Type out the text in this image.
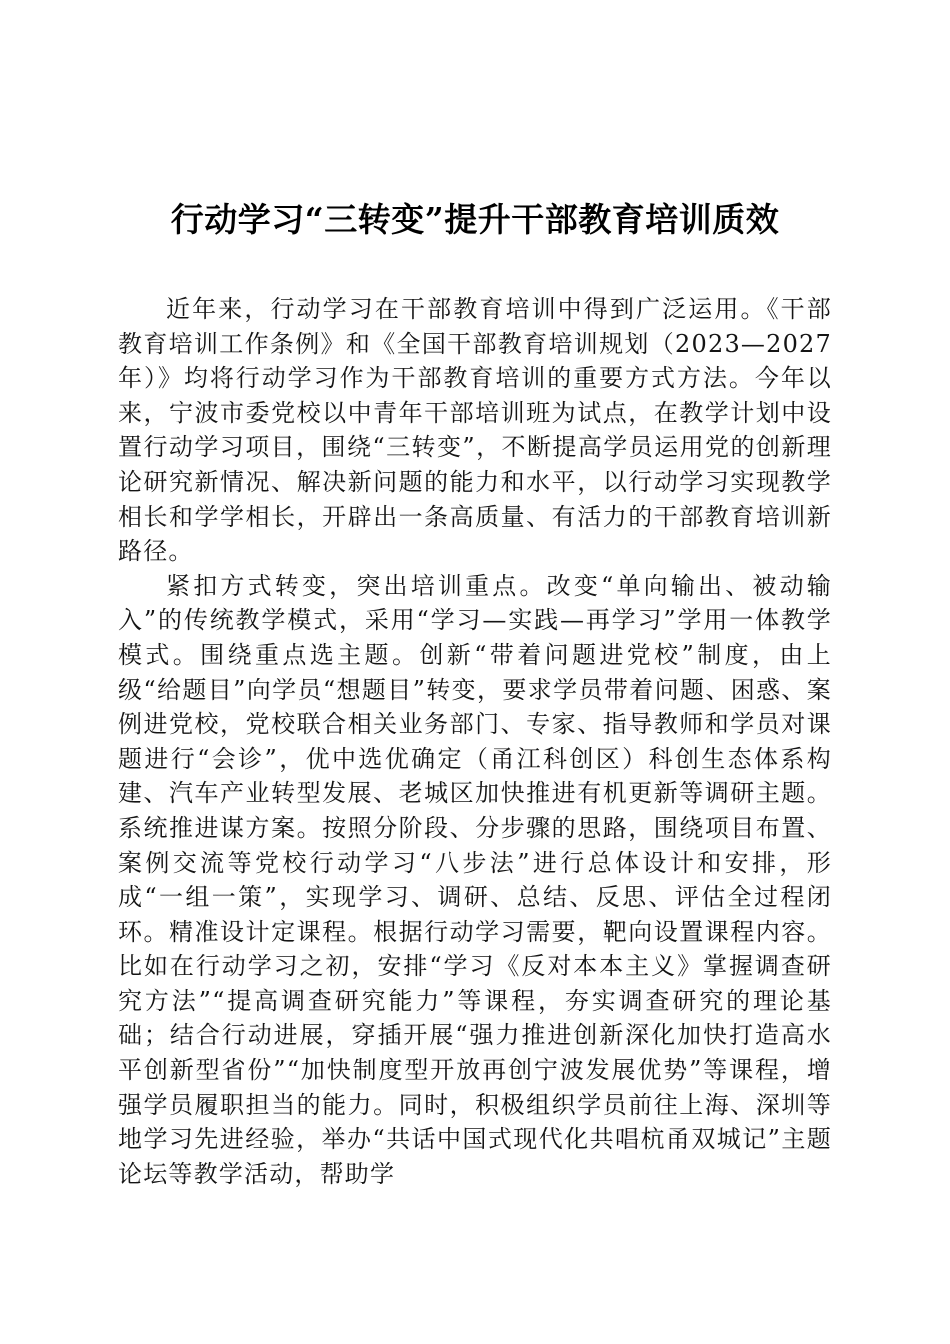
行动学习“三转变”提升干部教育培训质效

近年来，行动学习在干部教育培训中得到广泛运用。《干部教育培训工作条例》和《全国干部教育培训规划（2023—2027年）》均将行动学习作为干部教育培训的重要方式方法。今年以来，宁波市委党校以中青年干部培训班为试点，在教学计划中设置行动学习项目，围绕“三转变”，不断提高学员运用党的创新理论研究新情况、解决新问题的能力和水平，以行动学习实现教学相长和学学相长，开辟出一条高质量、有活力的干部教育培训新路径。

紧扣方式转变，突出培训重点。改变“单向输出、被动输入”的传统教学模式，采用“学习—实践—再学习”学用一体教学模式。围绕重点选主题。创新“带着问题进党校”制度，由上级“给题目”向学员“想题目”转变，要求学员带着问题、困惑、案例进党校，党校联合相关业务部门、专家、指导教师和学员对课题进行“会诊”，优中选优确定（甬江科创区）科创生态体系构建、汽车产业转型发展、老城区加快推进有机更新等调研主题。系统推进谋方案。按照分阶段、分步骤的思路，围绕项目布置、案例交流等党校行动学习“八步法”进行总体设计和安排，形成“一组一策”，实现学习、调研、总结、反思、评估全过程闭环。精准设计定课程。根据行动学习需要，靶向设置课程内容。比如在行动学习之初，安排“学习《反对本本主义》掌握调查研究方法”“提高调查研究能力”等课程，夯实调查研究的理论基础；结合行动进展，穿插开展“强力推进创新深化加快打造高水平创新型省份”“加快制度型开放再创宁波发展优势”等课程，增强学员履职担当的能力。同时，积极组织学员前往上海、深圳等地学习先进经验，举办“共话中国式现代化共唱杭甬双城记”主题论坛等教学活动，帮助学
